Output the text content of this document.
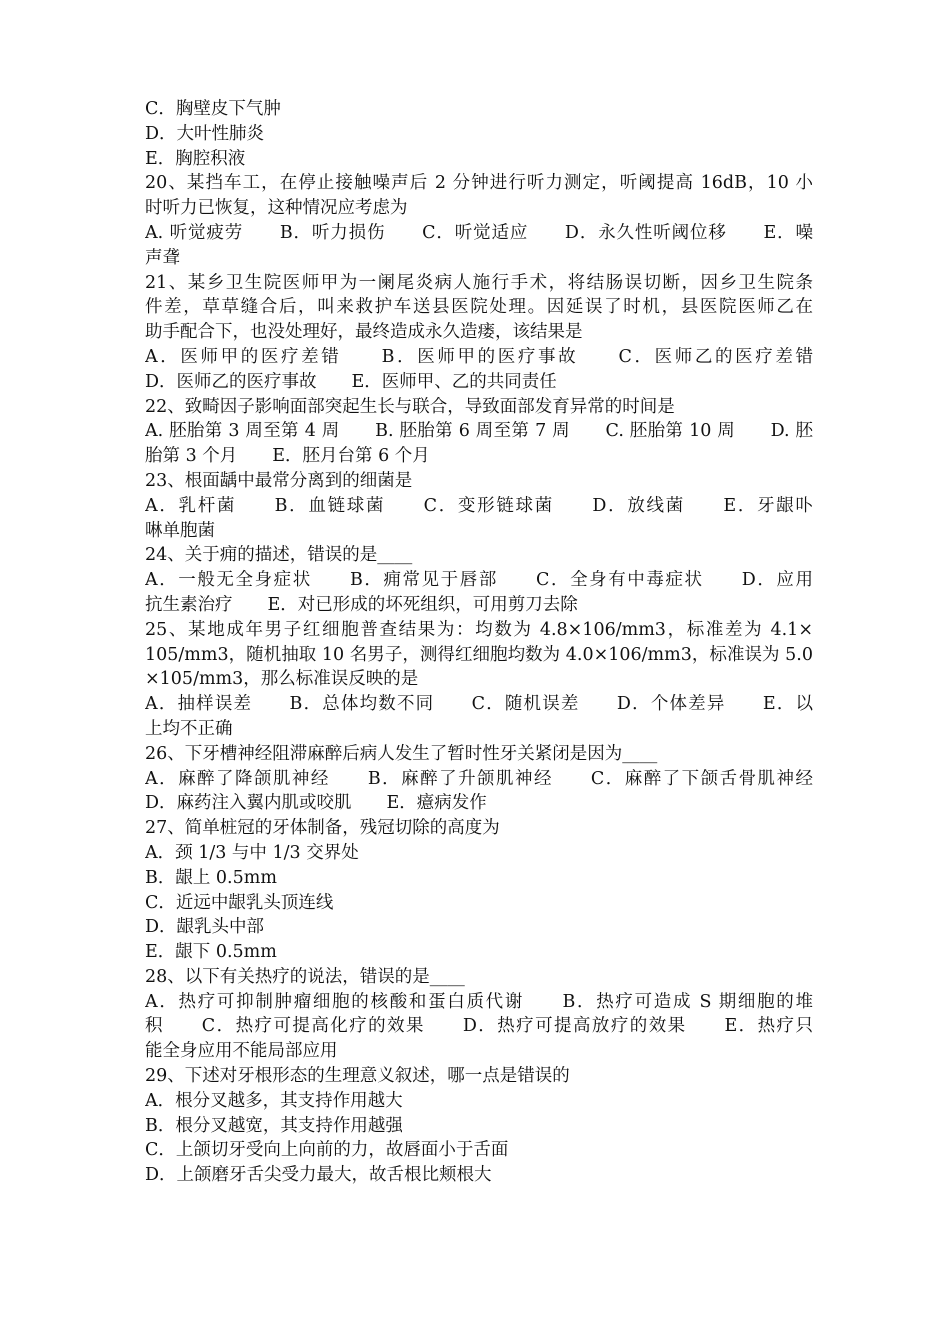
C．胸壁皮下气肿
D．大叶性肺炎
E．胸腔积液
20、某挡车工，在停止接触噪声后 2 分钟进行听力测定，听阈提高 16dB，10 小
时听力已恢复，这种情况应考虑为
A. 听觉疲劳　　B．听力损伤　　C．听觉适应　　D．永久性听阈位移　　E．噪
声聋
21、某乡卫生院医师甲为一阑尾炎病人施行手术，将结肠误切断，因乡卫生院条
件差，草草缝合后，叫来救护车送县医院处理。因延误了时机，县医院医师乙在
助手配合下，也没处理好，最终造成永久造瘘，该结果是
A．医师甲的医疗差错　　B．医师甲的医疗事故　　C．医师乙的医疗差错
D．医师乙的医疗事故　　E．医师甲、乙的共同责任
22、致畸因子影响面部突起生长与联合，导致面部发育异常的时间是
A. 胚胎第 3 周至第 4 周　　B. 胚胎第 6 周至第 7 周　　C. 胚胎第 10 周　　D. 胚
胎第 3 个月　　E．胚月台第 6 个月
23、根面龋中最常分离到的细菌是
A．乳杆菌　　B．血链球菌　　C．变形链球菌　　D．放线菌　　E．牙龈卟
啉单胞菌
24、关于痈的描述，错误的是____
A．一般无全身症状　　B．痈常见于唇部　　C．全身有中毒症状　　D．应用
抗生素治疗　　E．对已形成的坏死组织，可用剪刀去除
25、某地成年男子红细胞普查结果为：均数为 4.8×106/mm3，标准差为 4.1×
105/mm3，随机抽取 10 名男子，测得红细胞均数为 4.0×106/mm3，标准误为 5.0
×105/mm3，那么标准误反映的是
A．抽样误差　　B．总体均数不同　　C．随机误差　　D．个体差异　　E．以
上均不正确
26、下牙槽神经阻滞麻醉后病人发生了暂时性牙关紧闭是因为____
A．麻醉了降颌肌神经　　B．麻醉了升颌肌神经　　C．麻醉了下颌舌骨肌神经
D．麻药注入翼内肌或咬肌　　E．癔病发作
27、简单桩冠的牙体制备，残冠切除的高度为
A．颈 1/3 与中 1/3 交界处
B．龈上 0.5mm
C．近远中龈乳头顶连线
D．龈乳头中部
E．龈下 0.5mm
28、以下有关热疗的说法，错误的是____
A．热疗可抑制肿瘤细胞的核酸和蛋白质代谢　　B．热疗可造成 S 期细胞的堆
积　　C．热疗可提高化疗的效果　　D．热疗可提高放疗的效果　　E．热疗只
能全身应用不能局部应用
29、下述对牙根形态的生理意义叙述，哪一点是错误的
A．根分叉越多，其支持作用越大
B．根分叉越宽，其支持作用越强
C．上颌切牙受向上向前的力，故唇面小于舌面
D．上颌磨牙舌尖受力最大，故舌根比颊根大
